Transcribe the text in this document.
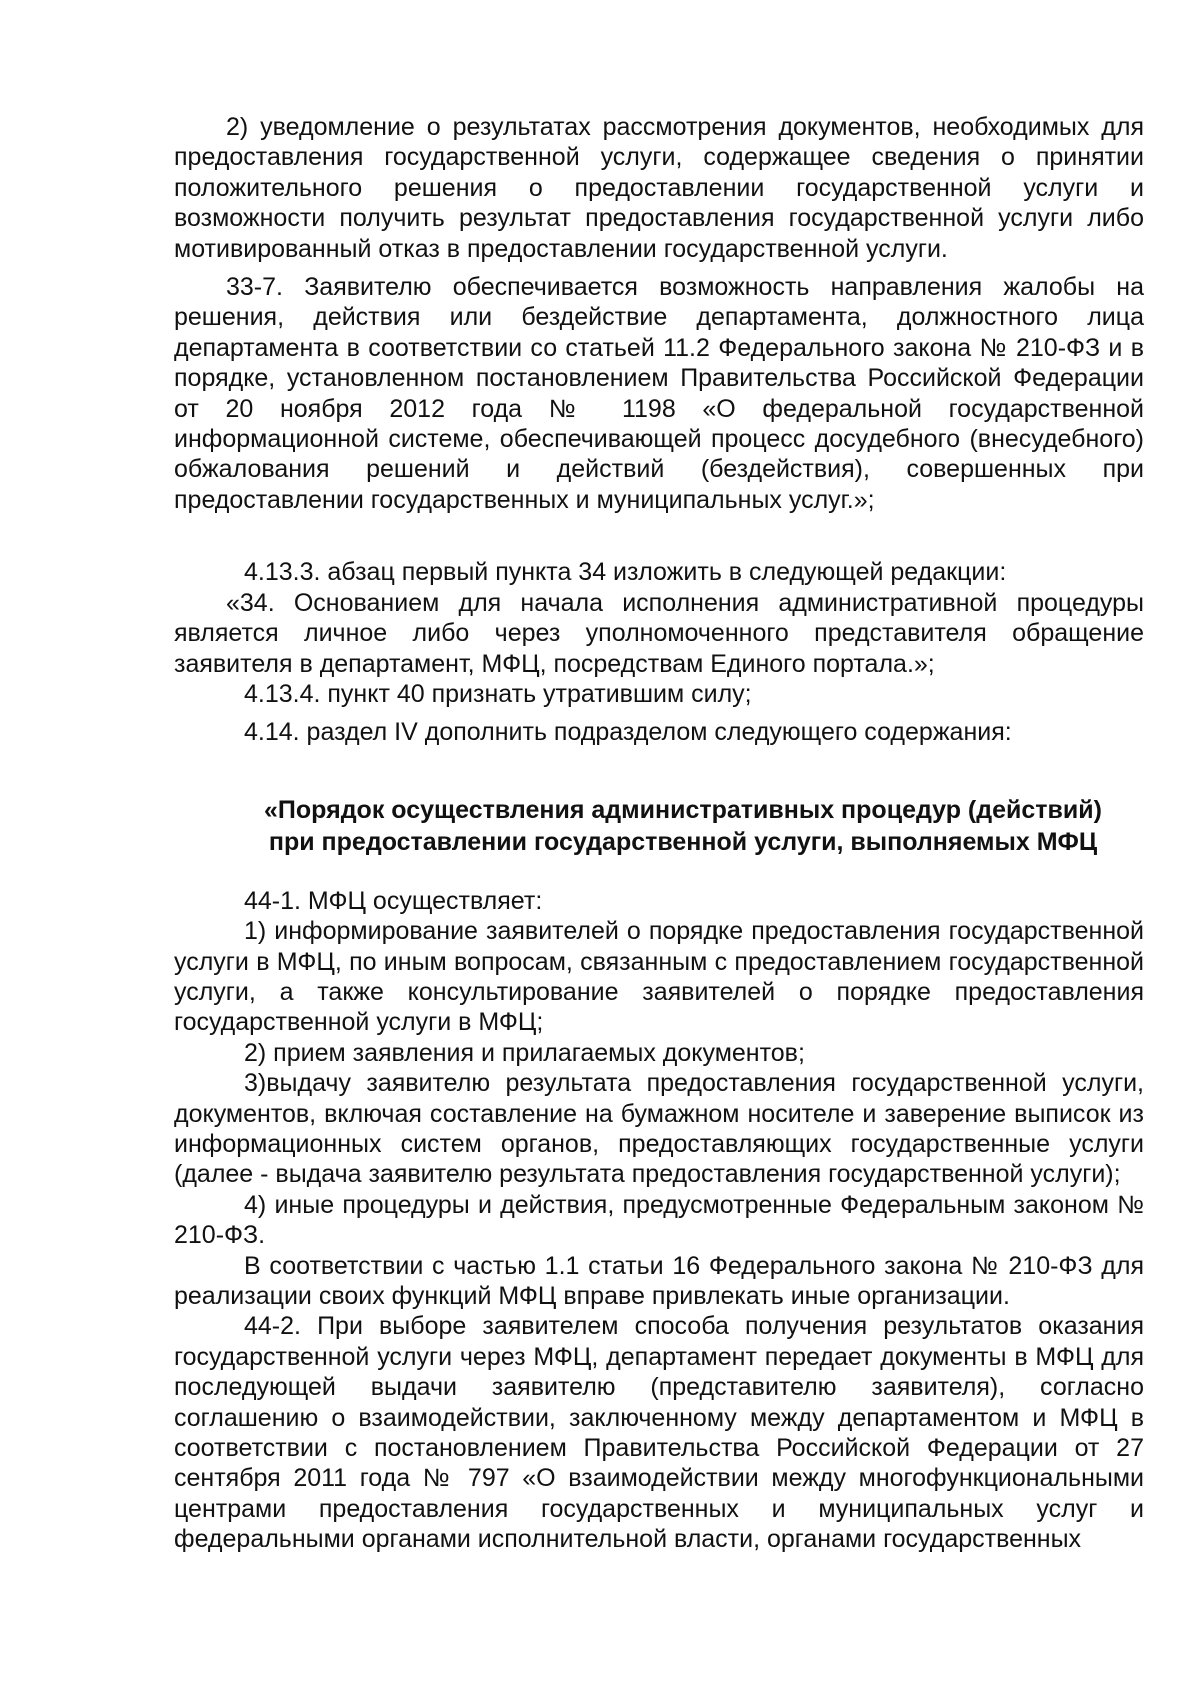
2) уведомление о результатах рассмотрения документов, необходимых для предоставления государственной услуги, содержащее сведения о принятии положительного решения о предоставлении государственной услуги и возможности получить результат предоставления государственной услуги либо мотивированный отказ в предоставлении государственной услуги.

33-7. Заявителю обеспечивается возможность направления жалобы на решения, действия или бездействие департамента, должностного лица департамента в соответствии со статьей 11.2 Федерального закона № 210-ФЗ и в порядке, установленном постановлением Правительства Российской Федерации от 20 ноября 2012 года № 1198 «О федеральной государственной информационной системе, обеспечивающей процесс досудебного (внесудебного) обжалования решений и действий (бездействия), совершенных при предоставлении государственных и муниципальных услуг.»;

4.13.3. абзац первый пункта 34 изложить в следующей редакции:

«34. Основанием для начала исполнения административной процедуры является личное либо через уполномоченного представителя обращение заявителя в департамент, МФЦ, посредствам Единого портала.»;

4.13.4. пункт 40 признать утратившим силу;

4.14. раздел IV дополнить подразделом следующего содержания:

«Порядок осуществления административных процедур (действий)
при предоставлении государственной услуги, выполняемых МФЦ

44-1. МФЦ осуществляет:

1) информирование заявителей о порядке предоставления государственной услуги в МФЦ, по иным вопросам, связанным с предоставлением государственной услуги, а также консультирование заявителей о порядке предоставления государственной услуги в МФЦ;

2) прием заявления и прилагаемых документов;

3)выдачу заявителю результата предоставления государственной услуги, документов, включая составление на бумажном носителе и заверение выписок из информационных систем органов, предоставляющих государственные услуги (далее - выдача заявителю результата предоставления государственной услуги);

4) иные процедуры и действия, предусмотренные Федеральным законом № 210-ФЗ.

В соответствии с частью 1.1 статьи 16 Федерального закона № 210-ФЗ для реализации своих функций МФЦ вправе привлекать иные организации.

44-2. При выборе заявителем способа получения результатов оказания государственной услуги через МФЦ, департамент передает документы в МФЦ для последующей выдачи заявителю (представителю заявителя), согласно соглашению о взаимодействии, заключенному между департаментом и МФЦ в соответствии с постановлением Правительства Российской Федерации от 27 сентября 2011 года № 797 «О взаимодействии между многофункциональными центрами предоставления государственных и муниципальных услуг и федеральными органами исполнительной власти, органами государственных
